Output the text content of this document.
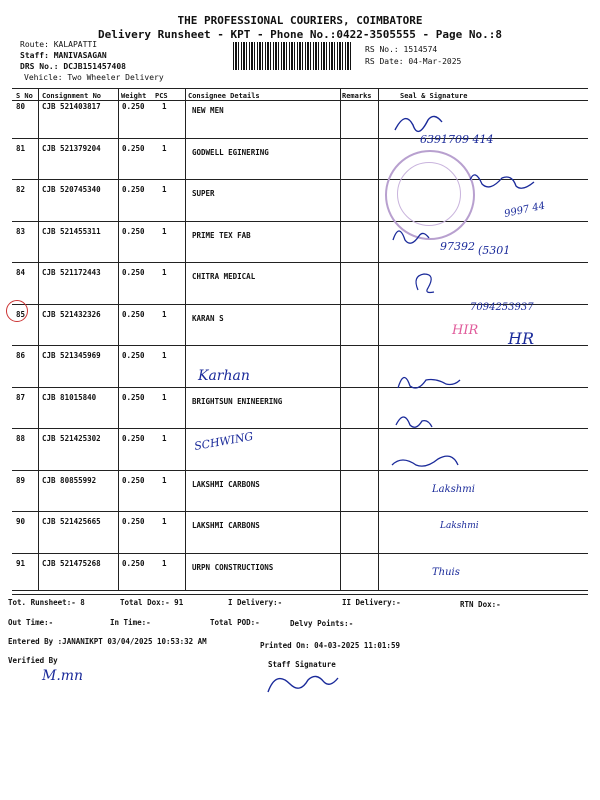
THE PROFESSIONAL COURIERS, COIMBATORE
Delivery Runsheet - KPT - Phone No.:0422-3505555 - Page No.:8
Route: KALAPATTI
Staff: MANIVASAGAN
DRS No.: DCJB151457408
Vehicle: Two Wheeler Delivery
RS No.: 1514574
RS Date: 04-Mar-2025
S No Consignment No	Weight PCS	Consignee Details	Remarks	Seal & Signature
80 CJB 521403817	0.250 1	NEW MEN
81 CJB 521379204	0.250 1	GODWELL EGINERING
82 CJB 520745340	0.250 1	SUPER
83 CJB 521455311	0.250 1	PRIME TEX FAB
84 CJB 521172443	0.250 1	CHITRA MEDICAL
85 CJB 521432326	0.250 1	KARAN S
86 CJB 521345969	0.250 1
87 CJB 81015840	0.250 1	BRIGHTSUN ENINEERING
88 CJB 521425302	0.250 1
89 CJB 80855992	0.250 1	LAKSHMI CARBONS
90 CJB 521425665	0.250 1	LAKSHMI CARBONS
91 CJB 521475268	0.250 1	URPN CONSTRUCTIONS
6391709 414
9997 44
97392 (5301
7094253937
HIR HR
Karhan
SCHWING
Lakshmi
Lakshmi
Thuis
M.mn
Tot. Runsheet:- 8	Total Dox:- 91	I Delivery:-	II Delivery:-	RTN Dox:-
Out Time:-	In Time:-	Total POD:-	Delvy Points:-
Entered By :JANANIKPT 03/04/2025 10:53:32 AM	Printed On: 04-03-2025 11:01:59
Verified By	Staff Signature
